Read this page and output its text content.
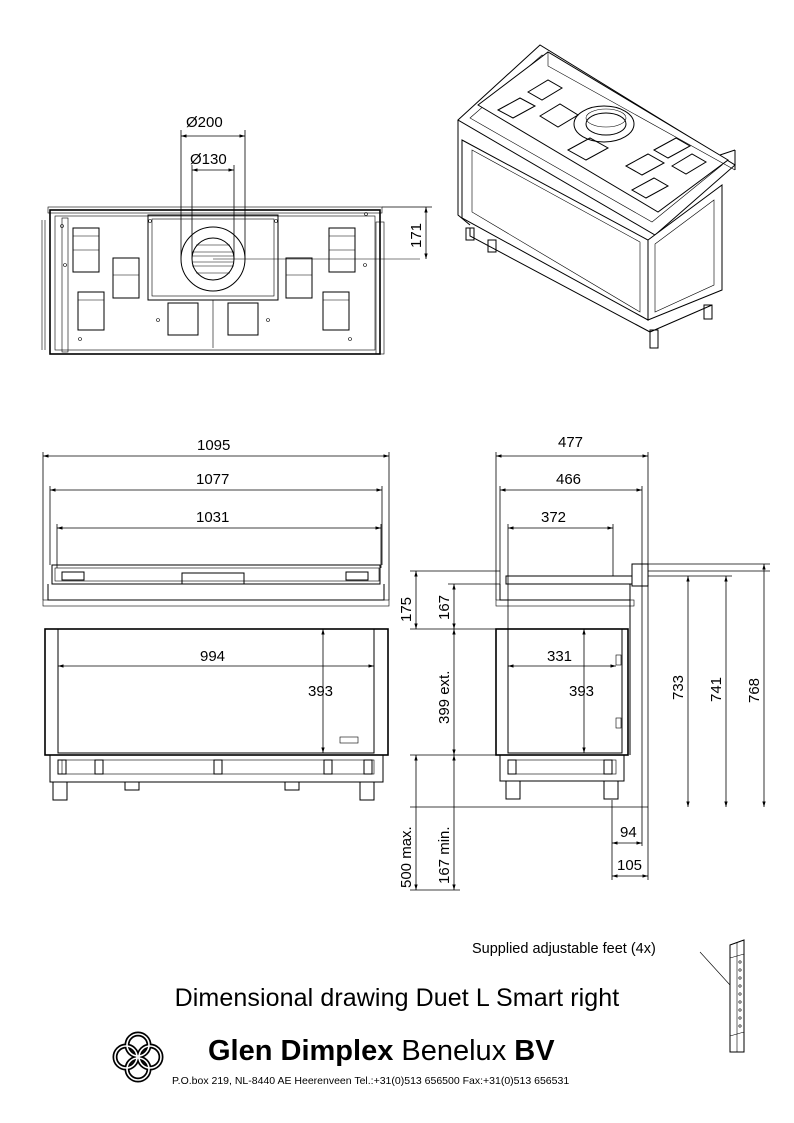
Ø200
Ø130
171
1095
1077
1031
994
393
477
466
372
331
393
175 167
399 ext.
500 max. 167 min.
733 741 768
94
105
Supplied adjustable feet (4x)
Dimensional drawing Duet L Smart right
Glen Dimplex Benelux BV
P.O.box 219, NL-8440 AE Heerenveen Tel.:+31(0)513 656500 Fax:+31(0)513 656531
